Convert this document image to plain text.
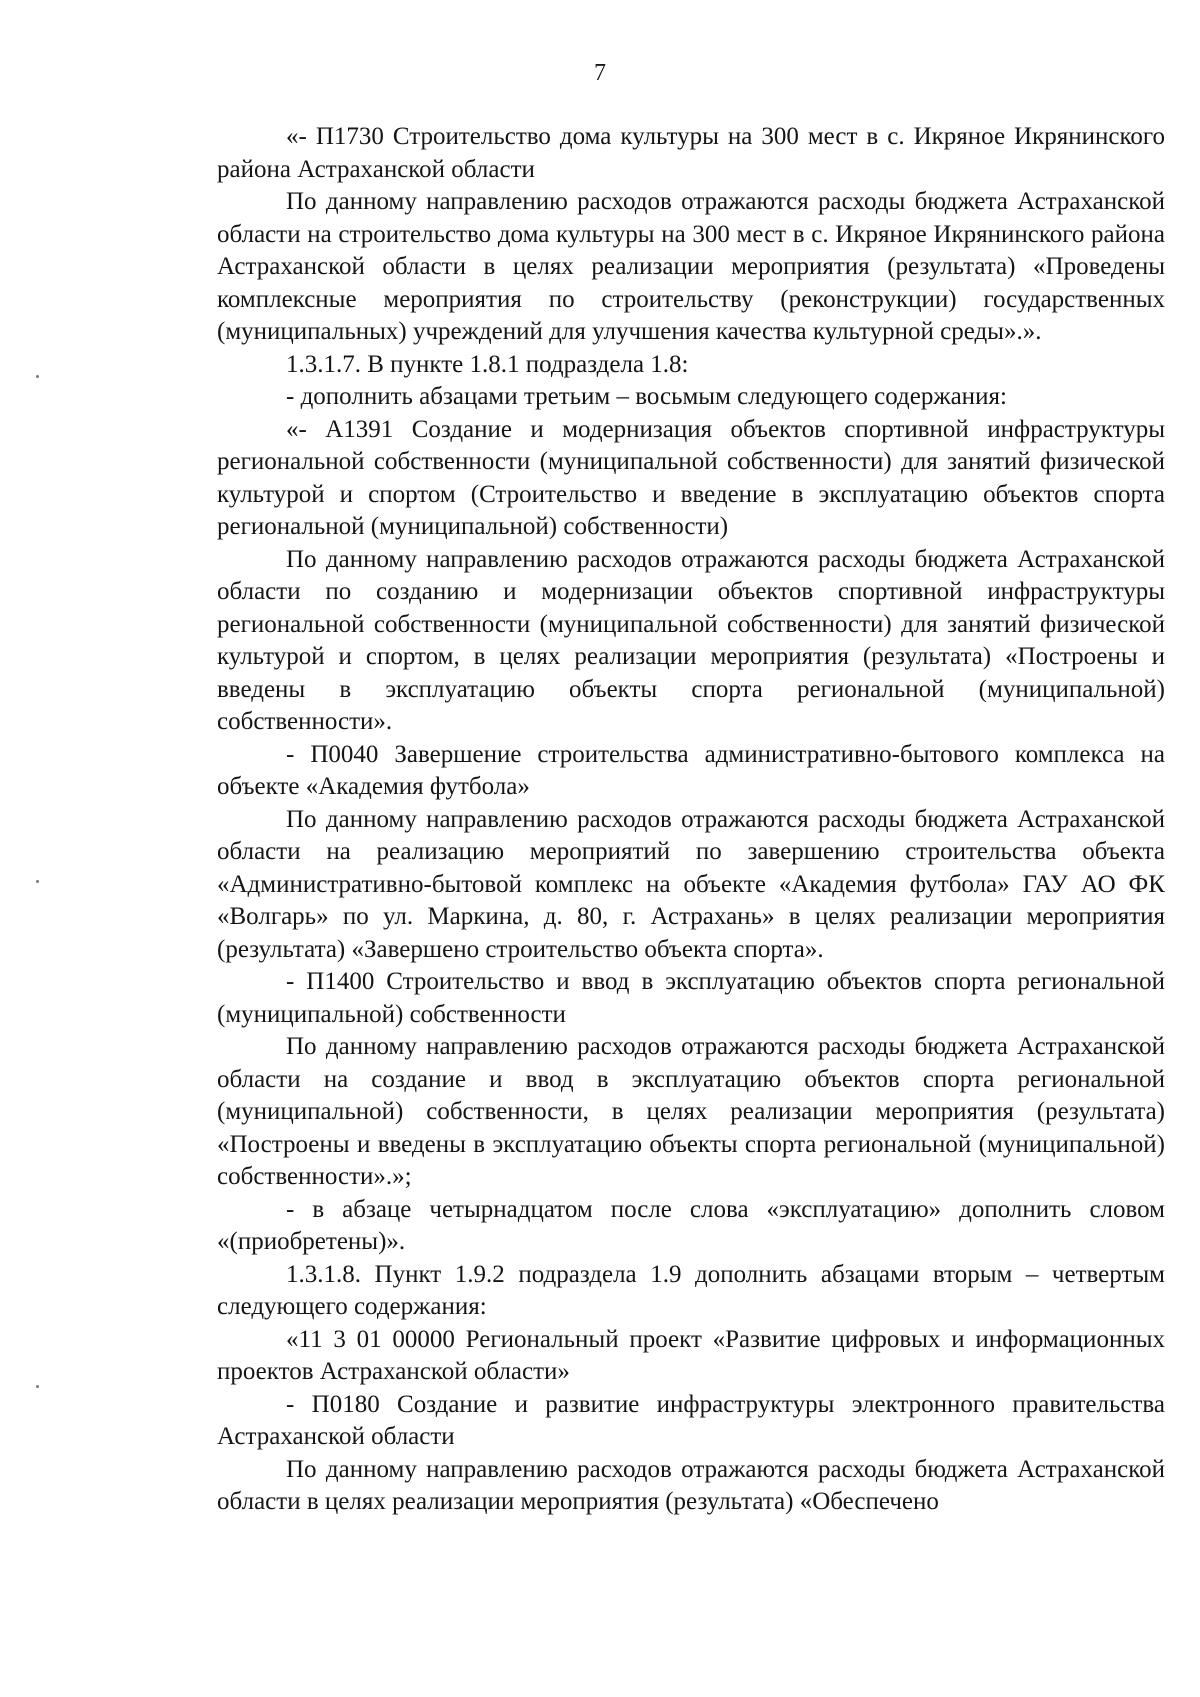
7

«- П1730 Строительство дома культуры на 300 мест в с. Икряное Икрянинского района Астраханской области

По данному направлению расходов отражаются расходы бюджета Астраханской области на строительство дома культуры на 300 мест в с. Икряное Икрянинского района Астраханской области в целях реализации мероприятия (результата) «Проведены комплексные мероприятия по строительству (реконструкции) государственных (муниципальных) учреждений для улучшения качества культурной среды».».

1.3.1.7. В пункте 1.8.1 подраздела 1.8:

- дополнить абзацами третьим – восьмым следующего содержания:

«- А1391 Создание и модернизация объектов спортивной инфраструктуры региональной собственности (муниципальной собственности) для занятий физической культурой и спортом (Строительство и введение в эксплуатацию объектов спорта региональной (муниципальной) собственности)

По данному направлению расходов отражаются расходы бюджета Астраханской области по созданию и модернизации объектов спортивной инфраструктуры региональной собственности (муниципальной собственности) для занятий физической культурой и спортом, в целях реализации мероприятия (результата) «Построены и введены в эксплуатацию объекты спорта региональной (муниципальной) собственности».

- П0040 Завершение строительства административно-бытового комплекса на объекте «Академия футбола»

По данному направлению расходов отражаются расходы бюджета Астраханской области на реализацию мероприятий по завершению строительства объекта «Административно-бытовой комплекс на объекте «Академия футбола» ГАУ АО ФК «Волгарь» по ул. Маркина, д. 80, г. Астрахань» в целях реализации мероприятия (результата) «Завершено строительство объекта спорта».

- П1400 Строительство и ввод в эксплуатацию объектов спорта региональной (муниципальной) собственности

По данному направлению расходов отражаются расходы бюджета Астраханской области на создание и ввод в эксплуатацию объектов спорта региональной (муниципальной) собственности, в целях реализации мероприятия (результата) «Построены и введены в эксплуатацию объекты спорта региональной (муниципальной) собственности».»;

- в абзаце четырнадцатом после слова «эксплуатацию» дополнить словом «(приобретены)».

1.3.1.8. Пункт 1.9.2 подраздела 1.9 дополнить абзацами вторым – четвертым следующего содержания:

«11 3 01 00000 Региональный проект «Развитие цифровых и информационных проектов Астраханской области»

- П0180 Создание и развитие инфраструктуры электронного правительства Астраханской области

По данному направлению расходов отражаются расходы бюджета Астраханской области в целях реализации мероприятия (результата) «Обеспечено
